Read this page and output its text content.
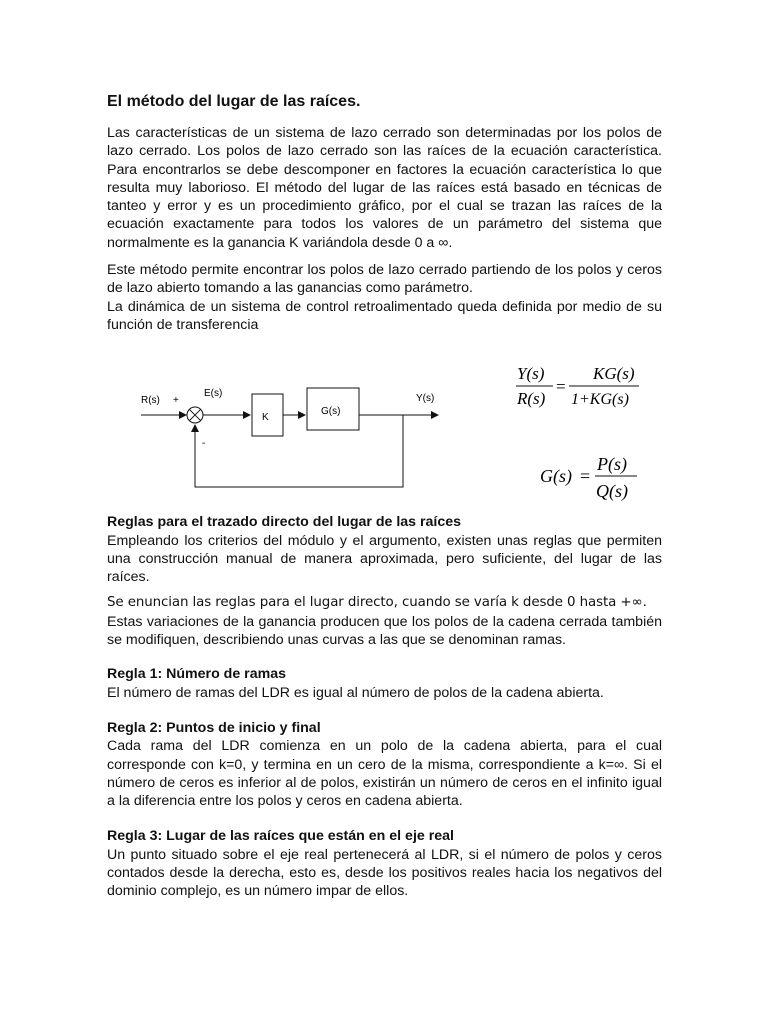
El método del lugar de las raíces.

Las características de un sistema de lazo cerrado son determinadas por los polos de lazo cerrado. Los polos de lazo cerrado son las raíces de la ecuación característica. Para encontrarlos se debe descomponer en factores la ecuación característica lo que resulta muy laborioso. El método del lugar de las raíces está basado en técnicas de tanteo y error y es un procedimiento gráfico, por el cual se trazan las raíces de la ecuación exactamente para todos los valores de un parámetro del sistema que normalmente es la ganancia K variándola desde 0 a ∞.

Este método permite encontrar los polos de lazo cerrado partiendo de los polos y ceros de lazo abierto tomando a las ganancias como parámetro.

La dinámica de un sistema de control retroalimentado queda definida por medio de su función de transferencia

R(s) +
E(s)
-
Y(s)
K
G(s)
Y(s)
R(s)
=
KG(s)
1+KG(s)
G(s) =
P(s)
Q(s)

Reglas para el trazado directo del lugar de las raíces

Empleando los criterios del módulo y el argumento, existen unas reglas que permiten una construcción manual de manera aproximada, pero suficiente, del lugar de las raíces.

Se enuncian las reglas para el lugar directo, cuando se varía k desde 0 hasta +∞.

Estas variaciones de la ganancia producen que los polos de la cadena cerrada también se modifiquen, describiendo unas curvas a las que se denominan ramas.

Regla 1: Número de ramas

El número de ramas del LDR es igual al número de polos de la cadena abierta.

Regla 2: Puntos de inicio y final

Cada rama del LDR comienza en un polo de la cadena abierta, para el cual corresponde con k=0, y termina en un cero de la misma, correspondiente a k=∞. Si el número de ceros es inferior al de polos, existirán un número de ceros en el infinito igual a la diferencia entre los polos y ceros en cadena abierta.

Regla 3: Lugar de las raíces que están en el eje real

Un punto situado sobre el eje real pertenecerá al LDR, si el número de polos y ceros contados desde la derecha, esto es, desde los positivos reales hacia los negativos del dominio complejo, es un número impar de ellos.
